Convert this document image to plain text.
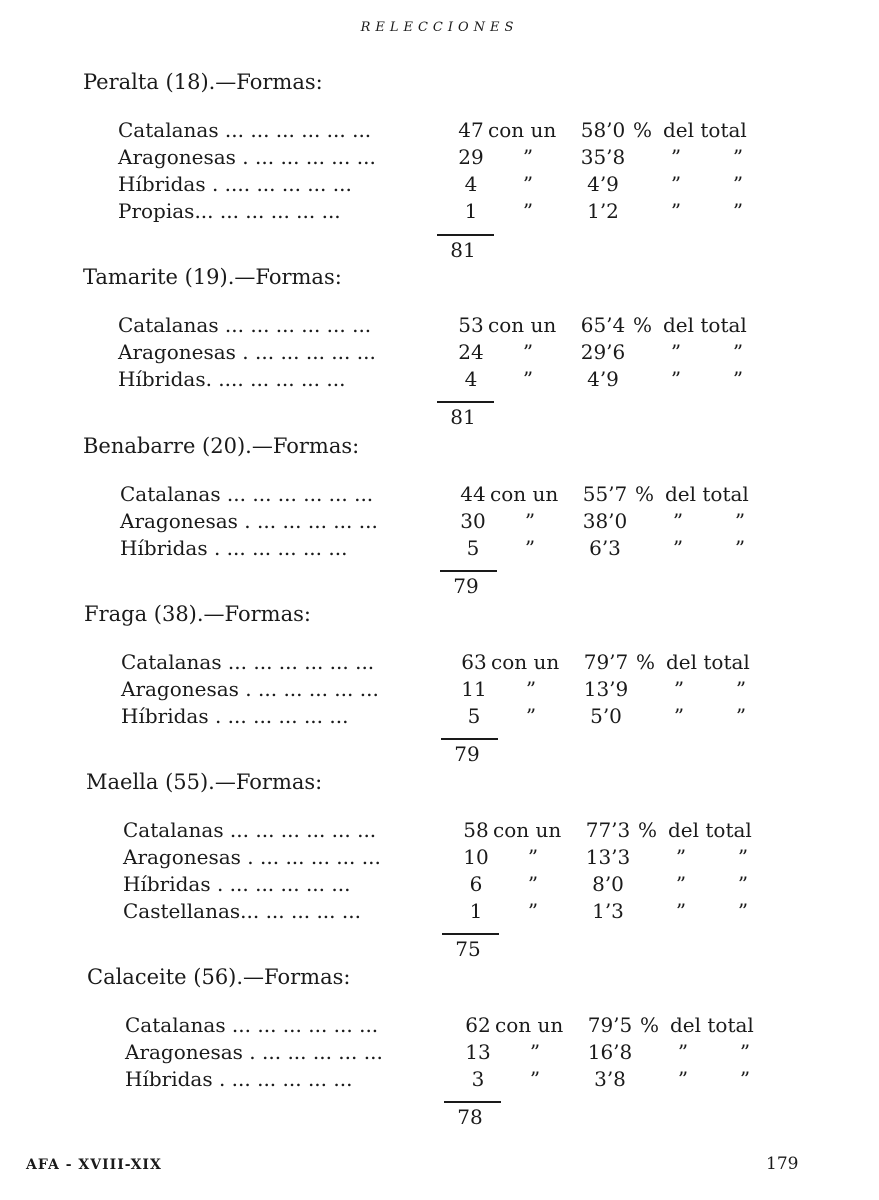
RELECCIONES
Peralta (18).—Formas:
Catalanas ... ... ... ... ... ...	47 con un	58’0 % del total
Aragonesas . ... ... ... ... ...	29	”	35’8	”	”
Híbridas . .... ... ... ... ...	4	”	4’9	”	”
Propias... ... ... ... ... ...	1	”	1’2	”	”
81
Tamarite (19).—Formas:
Catalanas ... ... ... ... ... ...	53 con un	65’4 % del total
Aragonesas . ... ... ... ... ...	24	”	29’6	”	”
Híbridas. .... ... ... ... ...	4	”	4’9	”	”
81
Benabarre (20).—Formas:
Catalanas ... ... ... ... ... ...	44 con un	55’7 % del total
Aragonesas . ... ... ... ... ...	30	”	38’0	”	”
Híbridas . ... ... ... ... ...	5	”	6’3	”	”
79
Fraga (38).—Formas:
Catalanas ... ... ... ... ... ...	63 con un	79’7 % del total
Aragonesas . ... ... ... ... ...	11	”	13’9	”	”
Híbridas . ... ... ... ... ...	5	”	5’0	”	”
79
Maella (55).—Formas:
Catalanas ... ... ... ... ... ...	58 con un	77’3 % del total
Aragonesas . ... ... ... ... ...	10	”	13’3	”	”
Híbridas . ... ... ... ... ...	6	”	8’0	”	”
Castellanas... ... ... ... ...	1	”	1’3	”	”
75
Calaceite (56).—Formas:
Catalanas ... ... ... ... ... ...	62 con un	79’5 % del total
Aragonesas . ... ... ... ... ...	13	”	16’8	”	”
Híbridas . ... ... ... ... ...	3	”	3’8	”	”
78
AFA - XVIII-XIX	179
